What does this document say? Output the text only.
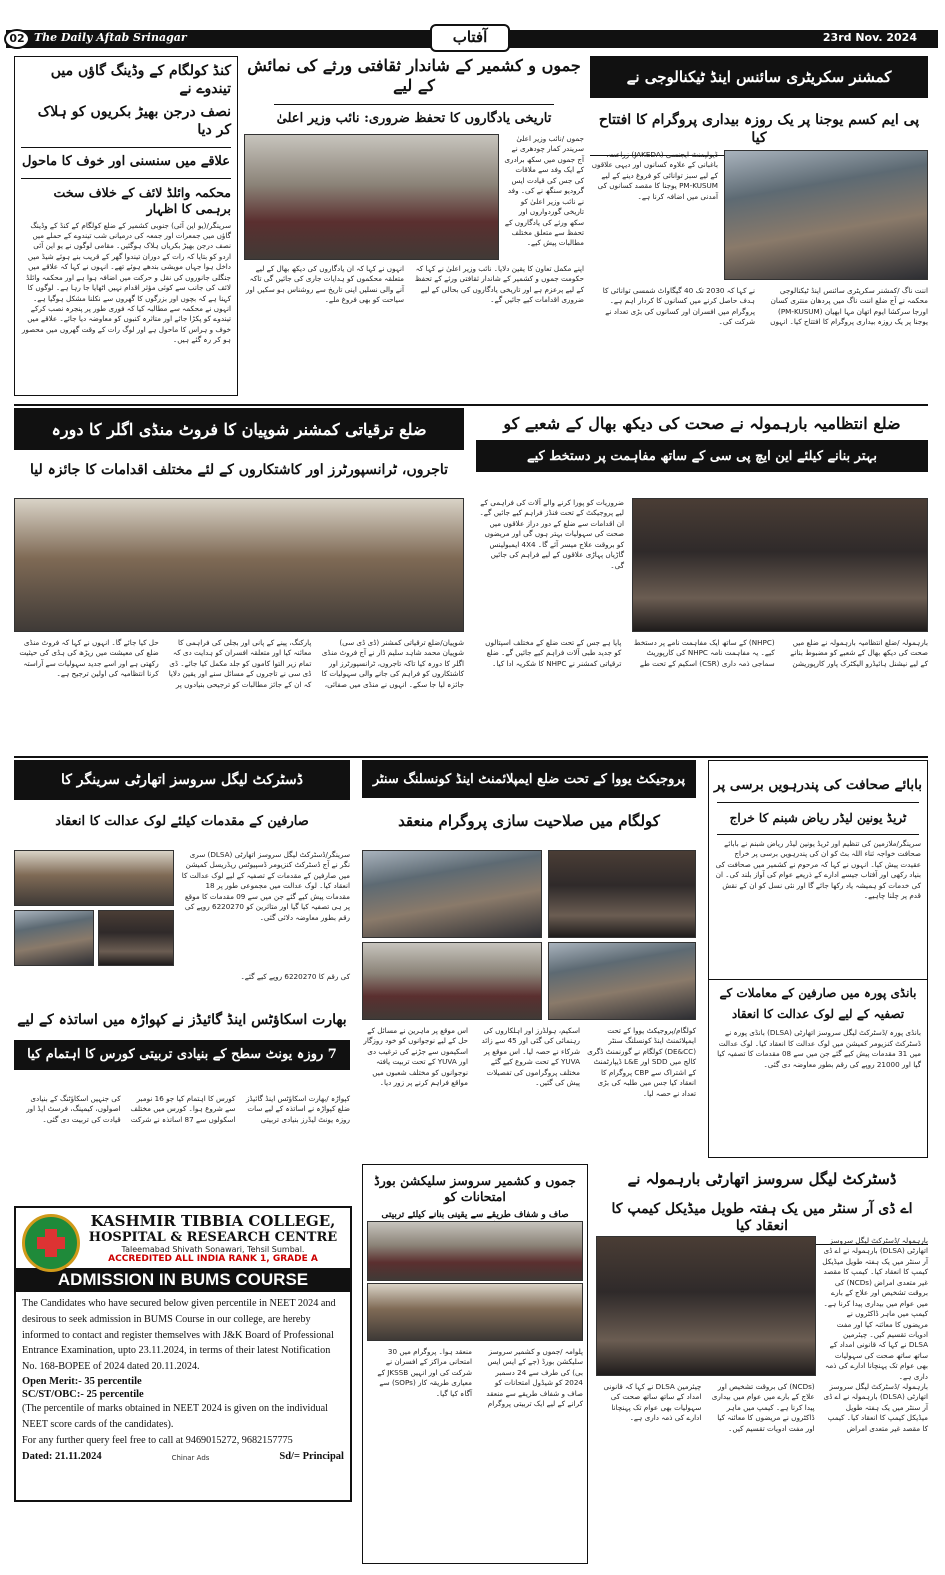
02 The Daily Aftab Srinagar	آفتاب	23rd Nov. 2024
کنڈ کولگام کے وڈینگ گاؤں میں تیندوے نے
نصف درجن بھیڑ بکریوں کو ہلاک کر دیا
علاقے میں سنسنی اور خوف کا ماحول
محکمہ وائلڈ لائف کے خلاف سخت برہمی کا اظہار
سرینگر/(یو این آئی) جنوبی کشمیر کے ضلع کولگام کے کنڈ کے وڈینگ گاؤں میں جمعرات اور جمعہ کی درمیانی شب تیندوے کے حملے میں نصف درجن بھیڑ بکریاں ہلاک ہوگئیں۔ مقامی لوگوں نے یو این آئی اردو کو بتایا کہ رات کے دوران تیندوا گھر کے قریب بنے ہوئے شیڈ میں داخل ہوا جہاں مویشی بندھے ہوئے تھے۔ انہوں نے کہا کہ علاقے میں جنگلی جانوروں کی نقل و حرکت میں اضافہ ہوا ہے اور محکمہ وائلڈ لائف کی جانب سے کوئی مؤثر اقدام نہیں اٹھایا جا رہا ہے۔ لوگوں کا کہنا ہے کہ بچوں اور بزرگوں کا گھروں سے نکلنا مشکل ہوگیا ہے۔ انہوں نے محکمہ سے مطالبہ کیا کہ فوری طور پر پنجرہ نصب کرکے تیندوے کو پکڑا جائے اور متاثرہ کنبوں کو معاوضہ دیا جائے۔ علاقے میں خوف و ہراس کا ماحول ہے اور لوگ رات کے وقت گھروں میں محصور ہو کر رہ گئے ہیں۔
جموں و کشمیر کے شاندار ثقافتی ورثے کی نمائش کے لیے
تاریخی یادگاروں کا تحفظ ضروری: نائب وزیر اعلیٰ
جموں /نائب وزیر اعلیٰ سریندر کمار چودھری نے آج جموں میں سکھ برادری کے ایک وفد سے ملاقات کی جس کی قیادت ایس گرودیو سنگھ نے کی۔ وفد نے نائب وزیر اعلیٰ کو تاریخی گوردواروں اور سکھ ورثے کی یادگاروں کے تحفظ سے متعلق مختلف مطالبات پیش کیے۔
انہوں نے کہا کہ ان یادگاروں کی دیکھ بھال کے لیے متعلقہ محکموں کو ہدایات جاری کی جائیں گی تاکہ آنے والی نسلیں اپنی تاریخ سے روشناس ہو سکیں اور سیاحت کو بھی فروغ ملے۔
اپنے مکمل تعاون کا یقین دلایا۔ نائب وزیر اعلیٰ نے کہا کہ حکومت جموں و کشمیر کے شاندار ثقافتی ورثے کے تحفظ کے لیے پرعزم ہے اور تاریخی یادگاروں کی بحالی کے لیے ضروری اقدامات کیے جائیں گے۔
کمشنر سکریٹری سائنس اینڈ ٹیکنالوجی نے
پی ایم کسم یوجنا پر یک روزہ بیداری پروگرام کا افتتاح کیا
ڈیولپمنٹ ایجنسی (JAKEDA) زراعت، باغبانی کے علاوہ کسانوں اور دیہی علاقوں کے لیے سبز توانائی کو فروغ دینے کے لیے PM-KUSUM یوجنا کا مقصد کسانوں کی آمدنی میں اضافہ کرنا ہے۔
اننت ناگ /کمشنر سکریٹری سائنس اینڈ ٹیکنالوجی محکمہ نے آج ضلع اننت ناگ میں پردھان منتری کسان اورجا سرکشا ایوم اتھان مہا ابھیان (PM-KUSUM) یوجنا پر یک روزہ بیداری پروگرام کا افتتاح کیا۔ انہوں نے کہا کہ 2030 تک 40 گیگاواٹ شمسی توانائی کا ہدف حاصل کرنے میں کسانوں کا کردار اہم ہے۔ پروگرام میں افسران اور کسانوں کی بڑی تعداد نے شرکت کی۔
ضلع ترقیاتی کمشنر شوپیان کا فروٹ منڈی اگلر کا دورہ
تاجروں، ٹرانسپورٹرز اور کاشتکاروں کے لئے مختلف اقدامات کا جائزہ لیا
شوپیان/ضلع ترقیاتی کمشنر (ڈی ڈی سی) شوپیان محمد شاہد سلیم ڈار نے آج فروٹ منڈی اگلر کا دورہ کیا تاکہ تاجروں، ٹرانسپورٹرز اور کاشتکاروں کو فراہم کی جانے والی سہولیات کا جائزہ لیا جا سکے۔ انہوں نے منڈی میں صفائی، پارکنگ، پینے کے پانی اور بجلی کی فراہمی کا معائنہ کیا اور متعلقہ افسران کو ہدایت دی کہ تمام زیر التوا کاموں کو جلد مکمل کیا جائے۔ ڈی ڈی سی نے تاجروں کے مسائل سنے اور یقین دلایا کہ ان کے جائز مطالبات کو ترجیحی بنیادوں پر حل کیا جائے گا۔ انہوں نے کہا کہ فروٹ منڈی ضلع کی معیشت میں ریڑھ کی ہڈی کی حیثیت رکھتی ہے اور اسے جدید سہولیات سے آراستہ کرنا انتظامیہ کی اولین ترجیح ہے۔
ضلع انتظامیہ بارہمولہ نے صحت کی دیکھ بھال کے شعبے کو
بہتر بنانے کیلئے این ایچ پی سی کے ساتھ مفاہمت پر دستخط کیے
ضروریات کو پورا کرنے والے آلات کی فراہمی کے لیے پروجیکٹ کے تحت فنڈز فراہم کیے جائیں گے۔ ان اقدامات سے ضلع کے دور دراز علاقوں میں صحت کی سہولیات بہتر ہوں گی اور مریضوں کو بروقت علاج میسر آئے گا۔ 4X4 ایمبولینس گاڑیاں پہاڑی علاقوں کے لیے فراہم کی جائیں گی۔
بارہمولہ /ضلع انتظامیہ بارہمولہ نے ضلع میں صحت کی دیکھ بھال کے شعبے کو مضبوط بنانے کے لیے نیشنل ہائیڈرو الیکٹرک پاور کارپوریشن (NHPC) کے ساتھ ایک مفاہمت نامے پر دستخط کیے۔ یہ مفاہمت نامہ NHPC کی کارپوریٹ سماجی ذمہ داری (CSR) اسکیم کے تحت طے پایا ہے جس کے تحت ضلع کے مختلف اسپتالوں کو جدید طبی آلات فراہم کیے جائیں گے۔ ضلع ترقیاتی کمشنر نے NHPC کا شکریہ ادا کیا۔
ڈسٹرکٹ لیگل سروسز اتھارٹی سرینگر کا
صارفین کے مقدمات کیلئے لوک عدالت کا انعقاد
سرینگر/ڈسٹرکٹ لیگل سروسز اتھارٹی (DLSA) سری نگر نے آج ڈسٹرکٹ کنزیومر ڈسپیوٹس ریڈریسل کمیشن میں صارفین کے مقدمات کے تصفیہ کے لیے لوک عدالت کا انعقاد کیا۔ لوک عدالت میں مجموعی طور پر 18 مقدمات پیش کیے گئے جن میں سے 09 مقدمات کا موقع پر ہی تصفیہ کیا گیا اور متاثرین کو 6220270 روپے کی رقم بطور معاوضہ دلائی گئی۔
کی رقم کا 6220270 روپے کیے گئے۔
بھارت اسکاؤٹس اینڈ گائیڈز نے کپواڑہ میں اساتذہ کے لیے
7 روزہ یونٹ سطح کے بنیادی تربیتی کورس کا اہتمام کیا
کپواڑہ /بھارت اسکاؤٹس اینڈ گائیڈز ضلع کپواڑہ نے اساتذہ کے لیے سات روزہ یونٹ لیڈرز بنیادی تربیتی کورس کا اہتمام کیا جو 16 نومبر سے شروع ہوا۔ کورس میں مختلف اسکولوں سے 87 اساتذہ نے شرکت کی جنہیں اسکاؤٹنگ کے بنیادی اصولوں، کیمپنگ، فرسٹ ایڈ اور قیادت کی تربیت دی گئی۔
پروجیکٹ یووا کے تحت ضلع ایمپلائمنٹ اینڈ کونسلنگ سنٹر
کولگام میں صلاحیت سازی پروگرام منعقد
کولگام/پروجیکٹ یووا کے تحت ایمپلائمنٹ اینڈ کونسلنگ سنٹر (DE&CC) کولگام نے گورنمنٹ ڈگری کالج میں SDD اور L&E ڈیپارٹمنٹ کے اشتراک سے CBP پروگرام کا انعقاد کیا جس میں طلبہ کی بڑی تعداد نے حصہ لیا۔
اسکیم، ہولڈرز اور اہلکاروں کی رہنمائی کی گئی اور 45 سے زائد شرکاء نے حصہ لیا۔ اس موقع پر YUVA کے تحت شروع کیے گئے مختلف پروگراموں کی تفصیلات پیش کی گئیں۔
اس موقع پر ماہرین نے مسائل کے حل کے لیے نوجوانوں کو خود روزگار اسکیموں سے جڑنے کی ترغیب دی اور YUVA کے تحت تربیت یافتہ نوجوانوں کو مختلف شعبوں میں مواقع فراہم کرنے پر زور دیا۔
بابائے صحافت کی پندرہویں برسی پر
ٹریڈ یونین لیڈر ریاض شبنم کا خراج
سرینگر/ملازمین کی تنظیم اور ٹریڈ یونین لیڈر ریاض شبنم نے بابائے صحافت خواجہ ثناء اللہ بٹ کو ان کی پندرہویں برسی پر خراج عقیدت پیش کیا۔ انہوں نے کہا کہ مرحوم نے کشمیر میں صحافت کی بنیاد رکھی اور آفتاب جیسے ادارے کے ذریعے عوام کی آواز بلند کی۔ ان کی خدمات کو ہمیشہ یاد رکھا جائے گا اور نئی نسل کو ان کے نقش قدم پر چلنا چاہیے۔
بانڈی پورہ میں صارفین کے معاملات کے
تصفیہ کے لیے لوک عدالت کا انعقاد
بانڈی پورہ /ڈسٹرکٹ لیگل سروسز اتھارٹی (DLSA) بانڈی پورہ نے ڈسٹرکٹ کنزیومر کمیشن میں لوک عدالت کا انعقاد کیا۔ لوک عدالت میں 31 مقدمات پیش کیے گئے جن میں سے 08 مقدمات کا تصفیہ کیا گیا اور 21000 روپے کی رقم بطور معاوضہ دی گئی۔
جموں و کشمیر سروسز سلیکشن بورڈ امتحانات کو
صاف و شفاف طریقے سے یقینی بنانے کیلئے تربیتی
پلوامہ /جموں و کشمیر سروسز سلیکشن بورڈ (جے کے ایس ایس بی) کی طرف سے 24 دسمبر 2024 کو شیڈول امتحانات کو صاف و شفاف طریقے سے منعقد کرانے کے لیے ایک تربیتی پروگرام منعقد ہوا۔ پروگرام میں 30 امتحانی مراکز کے افسران نے شرکت کی اور انہیں JKSSB کے معیاری طریقہ کار (SOPs) سے آگاہ کیا گیا۔
ڈسٹرکٹ لیگل سروسز اتھارٹی بارہمولہ نے
اے ڈی آر سنٹر میں یک ہفتہ طویل میڈیکل کیمپ کا انعقاد کیا
بارہمولہ /ڈسٹرکٹ لیگل سروسز اتھارٹی (DLSA) بارہمولہ نے اے ڈی آر سنٹر میں یک ہفتہ طویل میڈیکل کیمپ کا انعقاد کیا۔ کیمپ کا مقصد غیر متعدی امراض (NCDs) کی بروقت تشخیص اور علاج کے بارے میں عوام میں بیداری پیدا کرنا ہے۔ کیمپ میں ماہر ڈاکٹروں نے مریضوں کا معائنہ کیا اور مفت ادویات تقسیم کیں۔ چیئرمین DLSA نے کہا کہ قانونی امداد کے ساتھ ساتھ صحت کی سہولیات بھی عوام تک پہنچانا ادارے کی ذمہ داری ہے۔
بارہمولہ /ڈسٹرکٹ لیگل سروسز اتھارٹی (DLSA) بارہمولہ نے اے ڈی آر سنٹر میں یک ہفتہ طویل میڈیکل کیمپ کا انعقاد کیا۔ کیمپ کا مقصد غیر متعدی امراض (NCDs) کی بروقت تشخیص اور علاج کے بارے میں عوام میں بیداری پیدا کرنا ہے۔ کیمپ میں ماہر ڈاکٹروں نے مریضوں کا معائنہ کیا اور مفت ادویات تقسیم کیں۔ چیئرمین DLSA نے کہا کہ قانونی امداد کے ساتھ ساتھ صحت کی سہولیات بھی عوام تک پہنچانا ادارے کی ذمہ داری ہے۔
KASHMIR TIBBIA COLLEGE,
HOSPITAL & RESEARCH CENTRE
Taleemabad Shivath Sonawari, Tehsil Sumbal.
ACCREDITED ALL INDIA RANK 1, GRADE A
ADMISSION IN BUMS COURSE

The Candidates who have secured below given percentile in NEET 2024 and desirous to seek admission in BUMS Course in our college, are hereby informed to contact and register themselves with J&K Board of Professional Entrance Examination, upto 23.11.2024, in terms of their latest Notification No. 168-BOPEE of 2024 dated 20.11.2024.

Open Merit:- 35 percentile
SC/ST/OBC:- 25 percentile

(The percentile of marks obtained in NEET 2024 is given on the individual NEET score cards of the candidates).

For any further query feel free to call at 9469015272, 9682157775

Dated: 21.11.2024	Chinar Ads	Sd/= Principal
